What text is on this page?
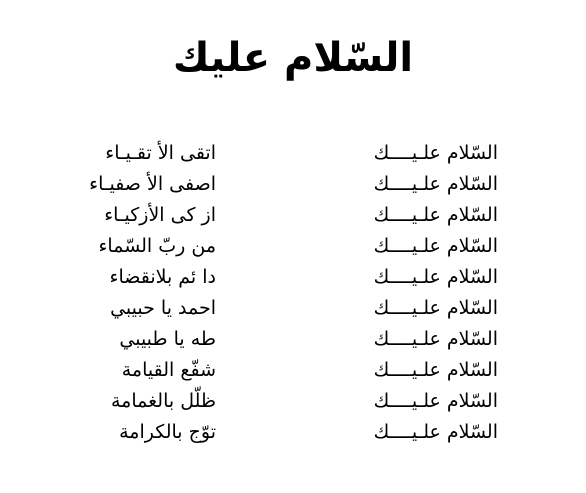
السّلام عليك
السّلام علـيــــك
اتقى الأ تقـيـاء
السّلام علـيــــك
اصفى الأ صفيـاء
السّلام علـيــــك
از كى الأزكيـاء
السّلام علـيــــك
من ربّ السّماء
السّلام علـيــــك
دا ئم بلانقضاء
السّلام علـيــــك
احمد يا حبيبي
السّلام علـيــــك
طه يا طبيبي
السّلام علـيــــك
شفّع القيامة
السّلام علـيــــك
ظلّل بالغمامة
السّلام علـيــــك
توّج بالكرامة
